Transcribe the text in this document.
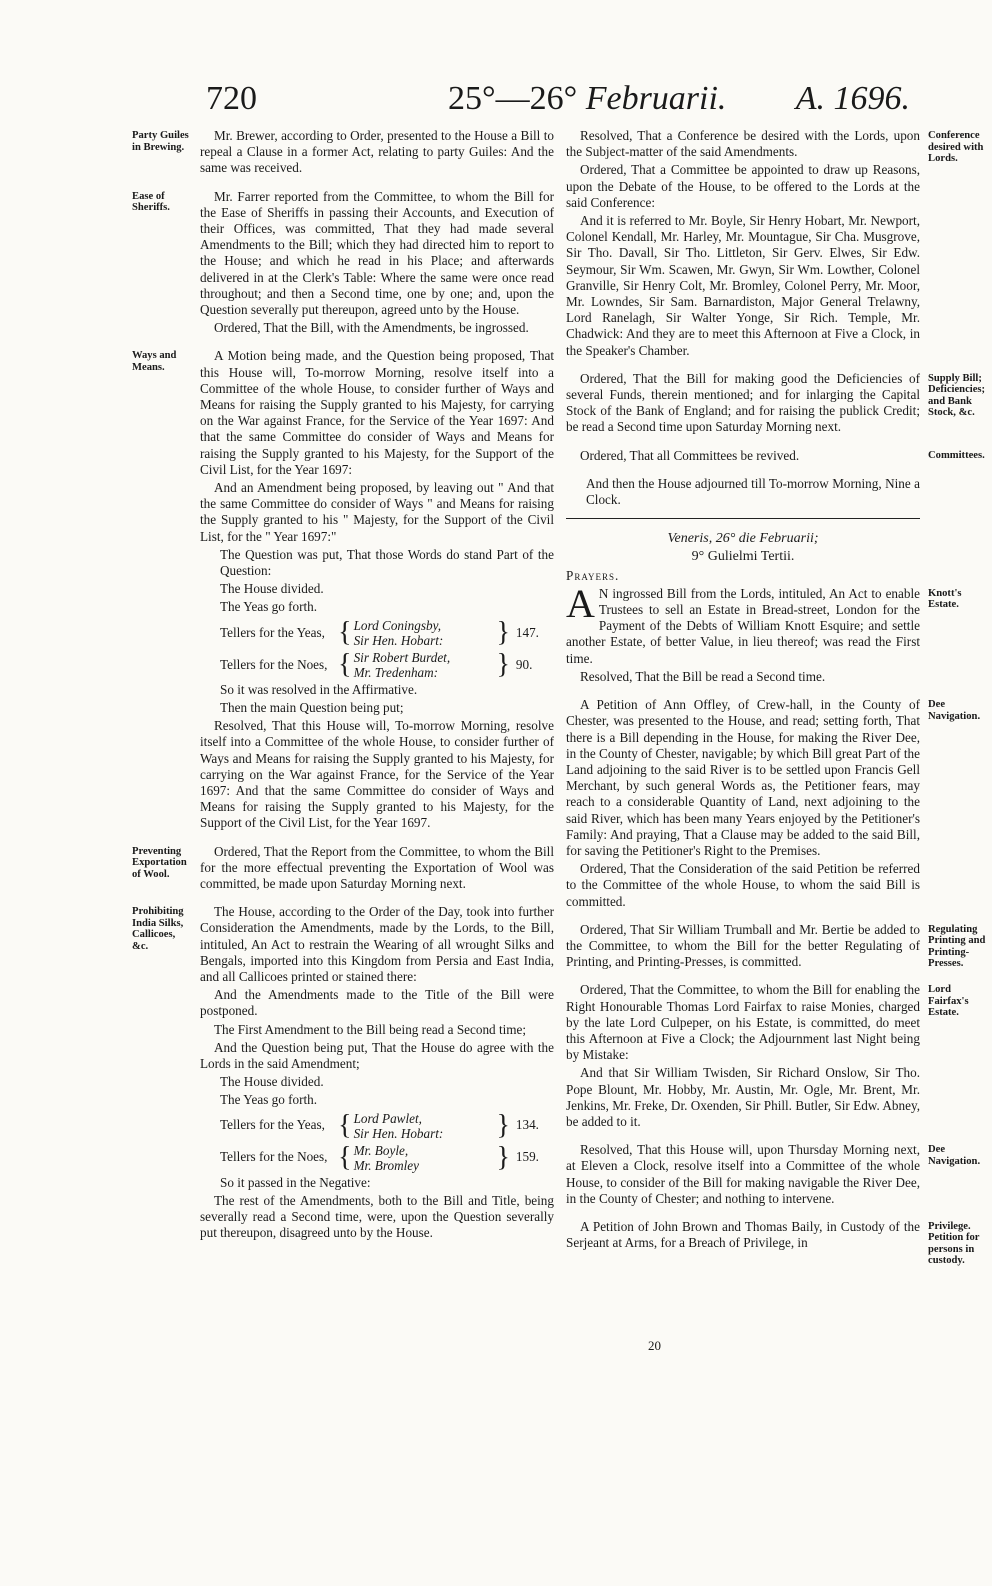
720	25°—26° Februarii. A. 1696.
Party Guiles in Brewing.

Mr. Brewer, according to Order, presented to the House a Bill to repeal a Clause in a former Act, relating to party Guiles: And the same was received.

Ease of Sheriffs.

Mr. Farrer reported from the Committee, to whom the Bill for the Ease of Sheriffs in passing their Accounts, and Execution of their Offices, was committed, That they had made several Amendments to the Bill; which they had directed him to report to the House; and which he read in his Place; and afterwards delivered in at the Clerk's Table: Where the same were once read throughout; and then a Second time, one by one; and, upon the Question severally put thereupon, agreed unto by the House.

Ordered, That the Bill, with the Amendments, be ingrossed.

Ways and Means.

A Motion being made, and the Question being proposed, That this House will, To-morrow Morning, resolve itself into a Committee of the whole House, to consider further of Ways and Means for raising the Supply granted to his Majesty, for carrying on the War against France, for the Service of the Year 1697: And that the same Committee do consider of Ways and Means for raising the Supply granted to his Majesty, for the Support of the Civil List, for the Year 1697:

And an Amendment being proposed, by leaving out " And that the same Committee do consider of Ways " and Means for raising the Supply granted to his " Majesty, for the Support of the Civil List, for the " Year 1697:"

The Question was put, That those Words do stand Part of the Question:

The House divided.

The Yeas go forth.

Tellers for the Yeas, { Lord Coningsby,
Sir Hen. Hobart:	} 147.
Tellers for the Noes, { Sir Robert Burdet,
Mr. Tredenham:	} 90.

So it was resolved in the Affirmative.

Then the main Question being put;

Resolved, That this House will, To-morrow Morning, resolve itself into a Committee of the whole House, to consider further of Ways and Means for raising the Supply granted to his Majesty, for carrying on the War against France, for the Service of the Year 1697: And that the same Committee do consider of Ways and Means for raising the Supply granted to his Majesty, for the Support of the Civil List, for the Year 1697.

Preventing Exportation of Wool.

Ordered, That the Report from the Committee, to whom the Bill for the more effectual preventing the Exportation of Wool was committed, be made upon Saturday Morning next.

Prohibiting India Silks, Callicoes, &c.

The House, according to the Order of the Day, took into further Consideration the Amendments, made by the Lords, to the Bill, intituled, An Act to restrain the Wearing of all wrought Silks and Bengals, imported into this Kingdom from Persia and East India, and all Callicoes printed or stained there:

And the Amendments made to the Title of the Bill were postponed.

The First Amendment to the Bill being read a Second time;

And the Question being put, That the House do agree with the Lords in the said Amendment;

The House divided.

The Yeas go forth.

Tellers for the Yeas, { Lord Pawlet,
Sir Hen. Hobart:	} 134.
Tellers for the Noes, { Mr. Boyle,
Mr. Bromley	} 159.

So it passed in the Negative:

The rest of the Amendments, both to the Bill and Title, being severally read a Second time, were, upon the Question severally put thereupon, disagreed unto by the House.

Conference desired with Lords.

Resolved, That a Conference be desired with the Lords, upon the Subject-matter of the said Amendments.

Ordered, That a Committee be appointed to draw up Reasons, upon the Debate of the House, to be offered to the Lords at the said Conference:

And it is referred to Mr. Boyle, Sir Henry Hobart, Mr. Newport, Colonel Kendall, Mr. Harley, Mr. Mountague, Sir Cha. Musgrove, Sir Tho. Davall, Sir Tho. Littleton, Sir Gerv. Elwes, Sir Edw. Seymour, Sir Wm. Scawen, Mr. Gwyn, Sir Wm. Lowther, Colonel Granville, Sir Henry Colt, Mr. Bromley, Colonel Perry, Mr. Moor, Mr. Lowndes, Sir Sam. Barnardiston, Major General Trelawny, Lord Ranelagh, Sir Walter Yonge, Sir Rich. Temple, Mr. Chadwick: And they are to meet this Afternoon at Five a Clock, in the Speaker's Chamber.

Supply Bill; Deficiencies; and Bank Stock, &c.

Ordered, That the Bill for making good the Deficiencies of several Funds, therein mentioned; and for inlarging the Capital Stock of the Bank of England; and for raising the publick Credit; be read a Second time upon Saturday Morning next.

Committees.

Ordered, That all Committees be revived.

And then the House adjourned till To-morrow Morning, Nine a Clock.

Veneris, 26° die Februarii;

9° Gulielmi Tertii.

Prayers.

Knott's Estate.

A N ingrossed Bill from the Lords, intituled, An Act to enable Trustees to sell an Estate in Bread-street, London for the Payment of the Debts of William Knott Esquire; and settle another Estate, of better Value, in lieu thereof; was read the First time.

Resolved, That the Bill be read a Second time.

Dee Navigation.

A Petition of Ann Offley, of Crew-hall, in the County of Chester, was presented to the House, and read; setting forth, That there is a Bill depending in the House, for making the River Dee, in the County of Chester, navigable; by which Bill great Part of the Land adjoining to the said River is to be settled upon Francis Gell Merchant, by such general Words as, the Petitioner fears, may reach to a considerable Quantity of Land, next adjoining to the said River, which has been many Years enjoyed by the Petitioner's Family: And praying, That a Clause may be added to the said Bill, for saving the Petitioner's Right to the Premises.

Ordered, That the Consideration of the said Petition be referred to the Committee of the whole House, to whom the said Bill is committed.

Regulating Printing and Printing-Presses.

Ordered, That Sir William Trumball and Mr. Bertie be added to the Committee, to whom the Bill for the better Regulating of Printing, and Printing-Presses, is committed.

Lord Fairfax's Estate.

Ordered, That the Committee, to whom the Bill for enabling the Right Honourable Thomas Lord Fairfax to raise Monies, charged by the late Lord Culpeper, on his Estate, is committed, do meet this Afternoon at Five a Clock; the Adjournment last Night being by Mistake:

And that Sir William Twisden, Sir Richard Onslow, Sir Tho. Pope Blount, Mr. Hobby, Mr. Austin, Mr. Ogle, Mr. Brent, Mr. Jenkins, Mr. Freke, Dr. Oxenden, Sir Phill. Butler, Sir Edw. Abney, be added to it.

Dee Navigation.

Resolved, That this House will, upon Thursday Morning next, at Eleven a Clock, resolve itself into a Committee of the whole House, to consider of the Bill for making navigable the River Dee, in the County of Chester; and nothing to intervene.

Privilege. Petition for persons in custody.

A Petition of John Brown and Thomas Baily, in Custody of the Serjeant at Arms, for a Breach of Privilege, in

20
